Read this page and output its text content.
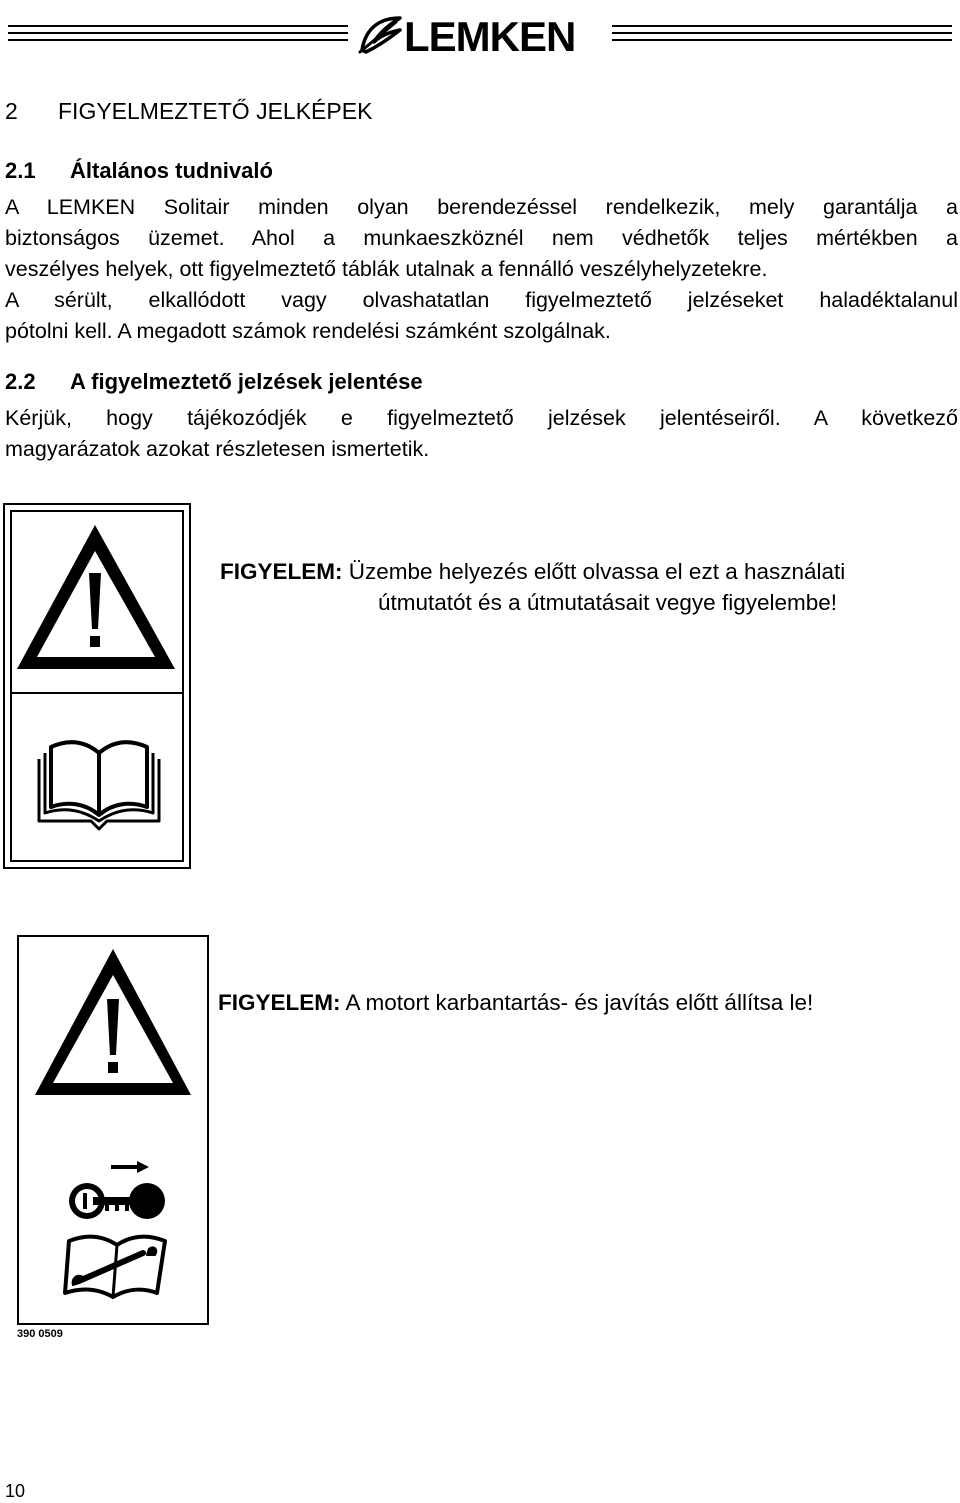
LEMKEN
2 FIGYELMEZTETŐ JELKÉPEK
2.1 Általános tudnivaló
A LEMKEN Solitair minden olyan berendezéssel rendelkezik, mely garantálja a
biztonságos üzemet. Ahol a munkaeszköznél nem védhetők teljes mértékben a
veszélyes helyek, ott figyelmeztető táblák utalnak a fennálló veszélyhelyzetekre.
A sérült, elkallódott vagy olvashatatlan figyelmeztető jelzéseket haladéktalanul
pótolni kell. A megadott számok rendelési számként szolgálnak.
2.2 A figyelmeztető jelzések jelentése
Kérjük, hogy tájékozódjék e figyelmeztető jelzések jelentéseiről. A következő
magyarázatok azokat részletesen ismertetik.
FIGYELEM: Üzembe helyezés előtt olvassa el ezt a használati
útmutatót és a útmutatásait vegye figyelembe!
390 0509
FIGYELEM: A motort karbantartás- és javítás előtt állítsa le!
10
